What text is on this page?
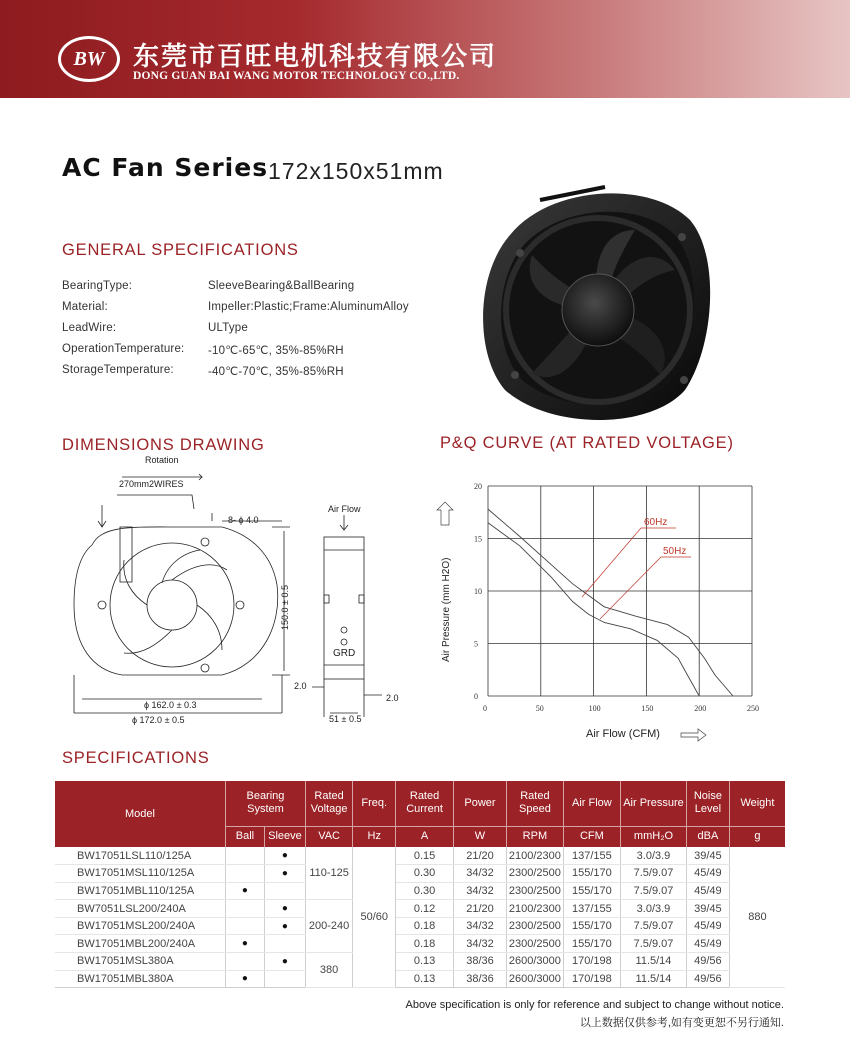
BW	东莞市百旺电机科技有限公司
DONG GUAN BAI WANG MOTOR TECHNOLOGY CO.,LTD.
AC Fan Series 172x150x51mm
GENERAL SPECIFICATIONS
BearingType:	SleeveBearing&BallBearing
Material:	Impeller:Plastic;Frame:AluminumAlloy
LeadWire:	ULType
OperationTemperature: -10℃-65℃, 35%-85%RH
StorageTemperature:	-40℃-70℃, 35%-85%RH
DIMENSIONS DRAWING
Rotation
270mm2WIRES
8- ϕ 4.0
ϕ 162.0 ± 0.3
ϕ 172.0 ± 0.5
Air Flow
GRD
2.0
2.0
51 ± 0.5
150.0 ± 0.5
P&Q CURVE (AT RATED VOLTAGE)
0	50	100	150	200	250
0
5
10
15
20
Air Flow (CFM)
Air Pressure (mm H2O)
60Hz
50Hz
SPECIFICATIONS
Model	Bearing System		Rated Voltage	Freq.	Rated Current	Power	Rated Speed	Air Flow	Air Pressure	Noise Level	Weight
	Ball	Sleeve	VAC	Hz	A	W	RPM	CFM	mmH₂O	dBA	g
BW17051LSL110/125A		●	110-125	50/60	0.15	21/20	2100/2300	137/155	3.0/3.9	39/45	880
BW17051MSL110/125A		●			0.30	34/32	2300/2500	155/170	7.5/9.07	45/49	
BW17051MBL110/125A	●				0.30	34/32	2300/2500	155/170	7.5/9.07	45/49	
BW7051LSL200/240A		●	200-240		0.12	21/20	2100/2300	137/155	3.0/3.9	39/45	
BW17051MSL200/240A		●			0.18	34/32	2300/2500	155/170	7.5/9.07	45/49	
BW17051MBL200/240A	●				0.18	34/32	2300/2500	155/170	7.5/9.07	45/49	
BW17051MSL380A		●	380		0.13	38/36	2600/3000	170/198	11.5/14	49/56	
BW17051MBL380A	●				0.13	38/36	2600/3000	170/198	11.5/14	49/56	
Above specification is only for reference and subject to change without notice.
以上数据仅供参考,如有变更恕不另行通知.
